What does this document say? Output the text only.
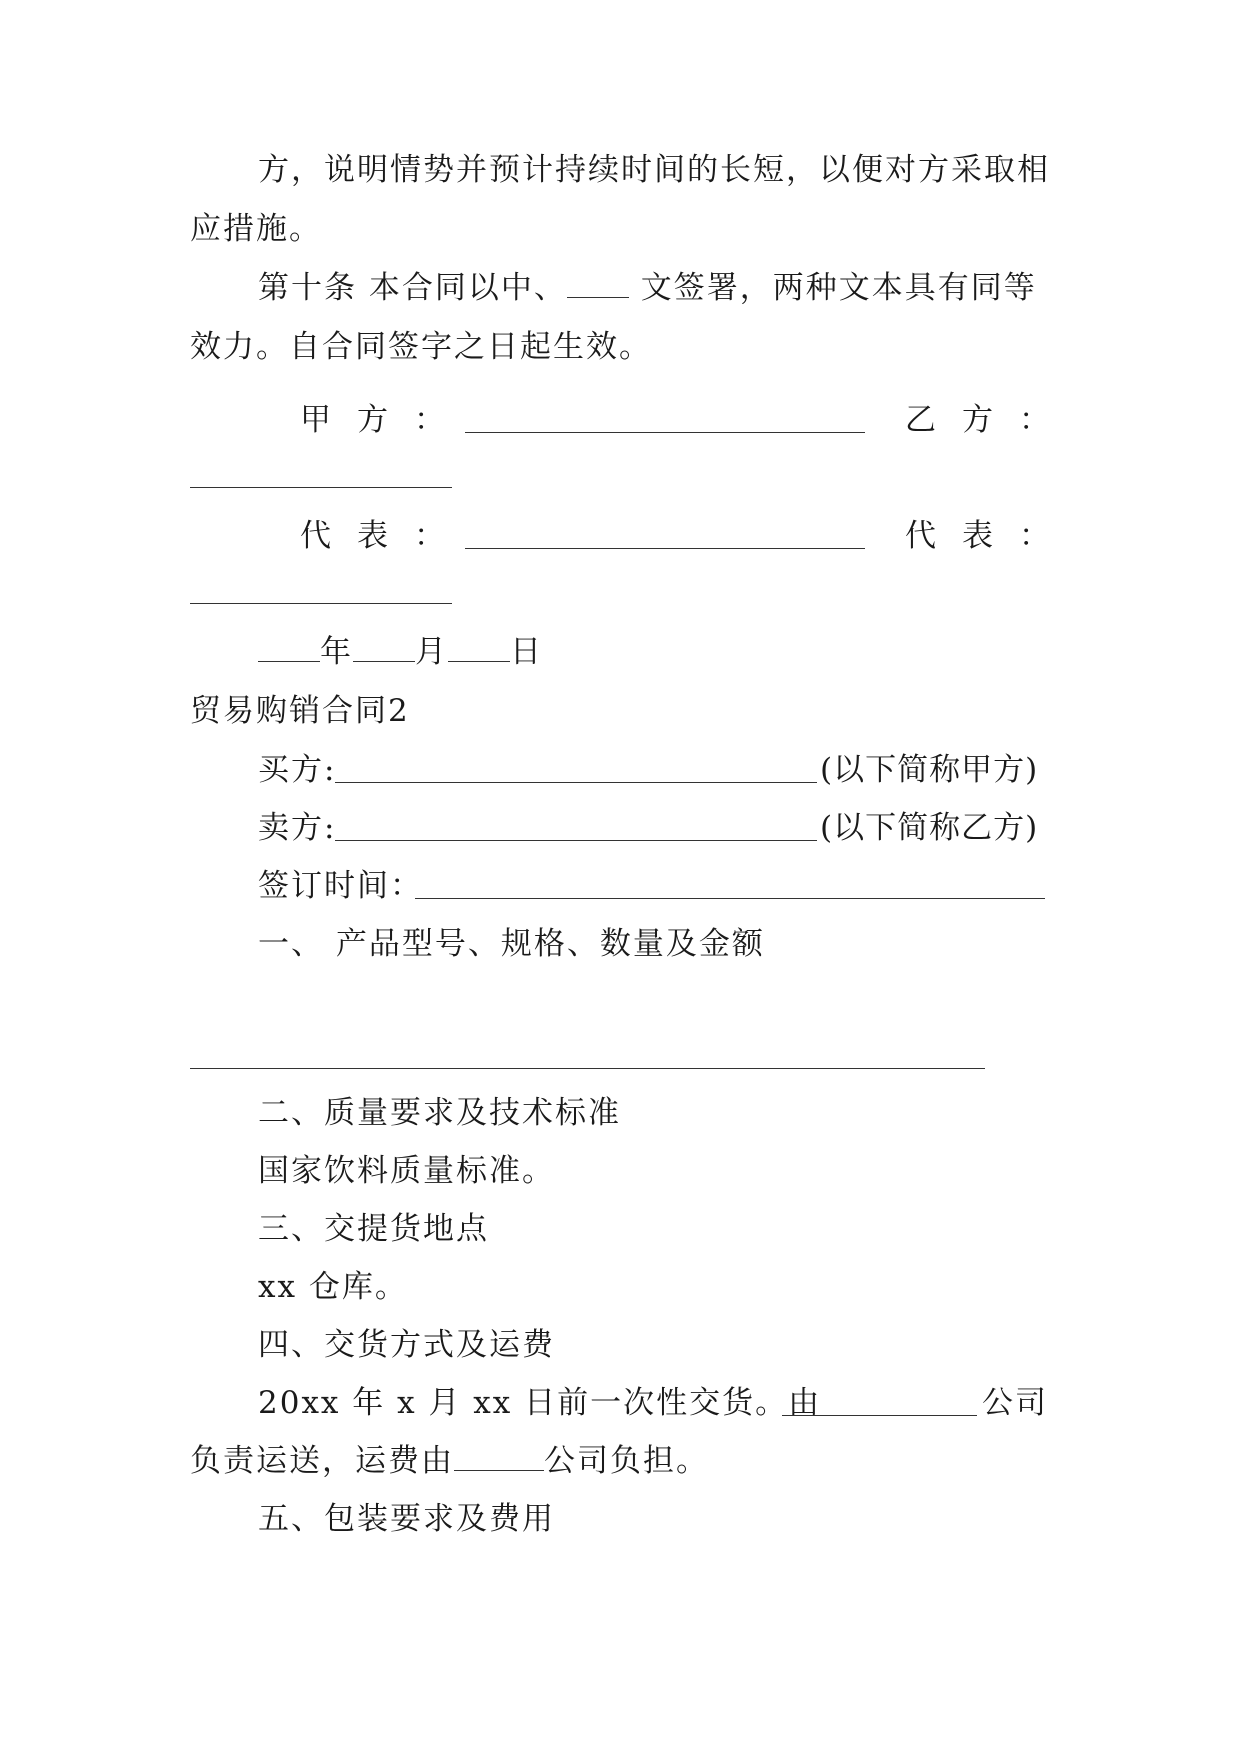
方，说明情势并预计持续时间的长短，以便对方采取相
应措施。
第十条 本合同以中、 文签署，两种文本具有同等
效力。自合同签字之日起生效。
甲方：	乙方：
代表：	代表：
年 月 日
贸易购销合同2
买方:	(以下简称甲方)
卖方:	(以下简称乙方)
签订时间：
一、 产品型号、规格、数量及金额
二、质量要求及技术标准
国家饮料质量标准。
三、交提货地点
xx 仓库。
四、交货方式及运费
20xx 年 x 月 xx 日前一次性交货。由	公司
负责运送，运费由	公司负担。
五、包装要求及费用
